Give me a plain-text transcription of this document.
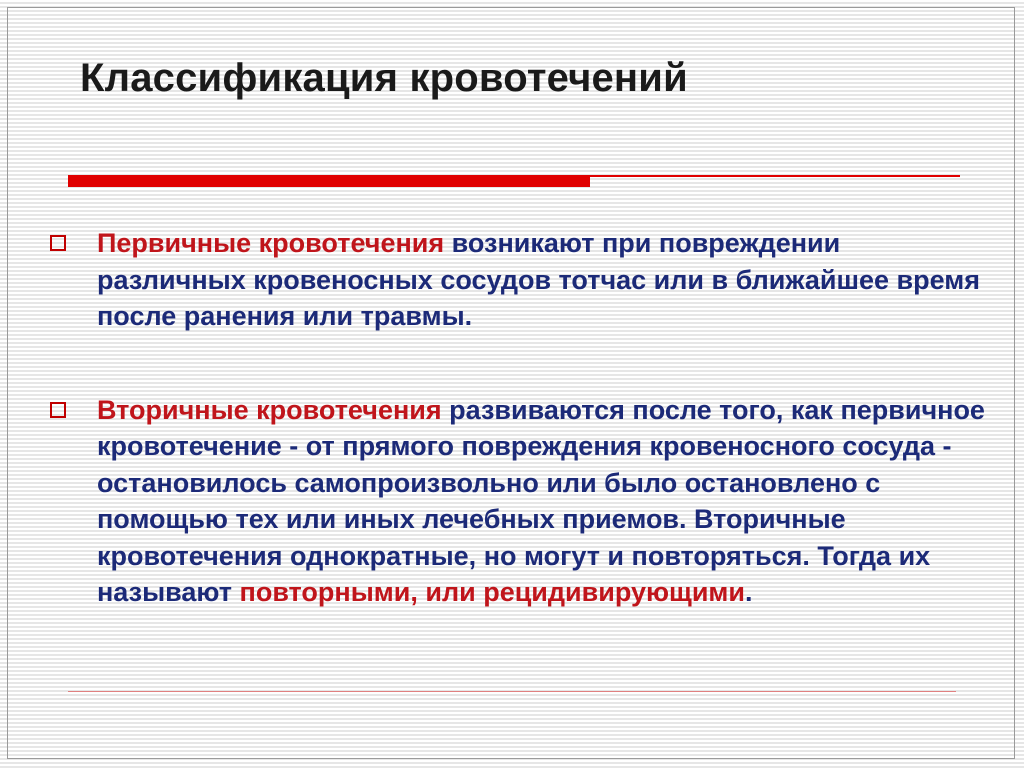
Классификация кровотечений
Первичные кровотечения возникают при повреждении различных кровеносных сосудов тотчас или в ближайшее время после ранения или травмы.
Вторичные кровотечения развиваются после того, как первичное кровотечение - от прямого повреждения кровеносного сосуда - остановилось самопроизвольно или было остановлено с помощью тех или иных лечебных приемов. Вторичные кровотечения однократные, но могут и повторяться. Тогда их называют повторными, или рецидивирующими.
